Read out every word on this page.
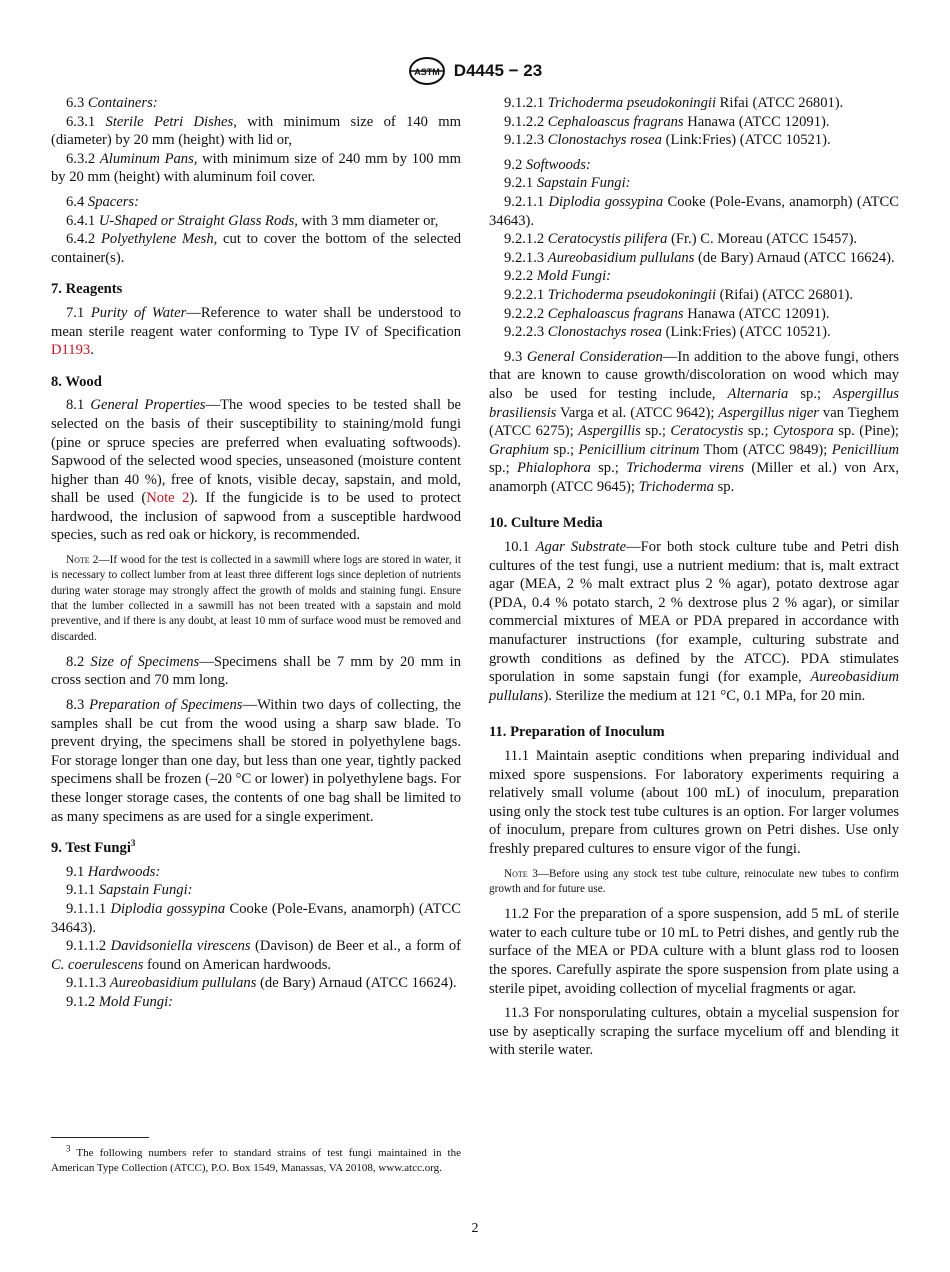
ASTM D4445 − 23

6.3 Containers:

6.3.1 Sterile Petri Dishes, with minimum size of 140 mm (diameter) by 20 mm (height) with lid or,

6.3.2 Aluminum Pans, with minimum size of 240 mm by 100 mm by 20 mm (height) with aluminum foil cover.

6.4 Spacers:

6.4.1 U-Shaped or Straight Glass Rods, with 3 mm diameter or,

6.4.2 Polyethylene Mesh, cut to cover the bottom of the selected container(s).

7. Reagents

7.1 Purity of Water—Reference to water shall be understood to mean sterile reagent water conforming to Type IV of Specification D1193.

8. Wood

8.1 General Properties—The wood species to be tested shall be selected on the basis of their susceptibility to staining/mold fungi (pine or spruce species are preferred when evaluating softwoods). Sapwood of the selected wood species, unseasoned (moisture content higher than 40 %), free of knots, visible decay, sapstain, and mold, shall be used (Note 2). If the fungicide is to be used to protect hardwood, the inclusion of sapwood from a susceptible hardwood species, such as red oak or hickory, is recommended.

Note 2—If wood for the test is collected in a sawmill where logs are stored in water, it is necessary to collect lumber from at least three different logs since depletion of nutrients during water storage may strongly affect the growth of molds and staining fungi. Ensure that the lumber collected in a sawmill has not been treated with a sapstain and mold preventive, and if there is any doubt, at least 10 mm of surface wood must be removed and discarded.

8.2 Size of Specimens—Specimens shall be 7 mm by 20 mm in cross section and 70 mm long.

8.3 Preparation of Specimens—Within two days of collecting, the samples shall be cut from the wood using a sharp saw blade. To prevent drying, the specimens shall be stored in polyethylene bags. For storage longer than one day, but less than one year, tightly packed specimens shall be frozen (–20 °C or lower) in polyethylene bags. For these longer storage cases, the contents of one bag shall be limited to as many specimens as are used for a single experiment.

9. Test Fungi$^3$

9.1 Hardwoods:

9.1.1 Sapstain Fungi:

9.1.1.1 Diplodia gossypina Cooke (Pole-Evans, anamorph) (ATCC 34643).

9.1.1.2 Davidsoniella virescens (Davison) de Beer et al., a form of C. coerulescens found on American hardwoods.

9.1.1.3 Aureobasidium pullulans (de Bary) Arnaud (ATCC 16624).

9.1.2 Mold Fungi:

$^3$ The following numbers refer to standard strains of test fungi maintained in the American Type Collection (ATCC), P.O. Box 1549, Manassas, VA 20108, www.atcc.org.

9.1.2.1 Trichoderma pseudokoningii Rifai (ATCC 26801).

9.1.2.2 Cephaloascus fragrans Hanawa (ATCC 12091).

9.1.2.3 Clonostachys rosea (Link:Fries) (ATCC 10521).

9.2 Softwoods:

9.2.1 Sapstain Fungi:

9.2.1.1 Diplodia gossypina Cooke (Pole-Evans, anamorph) (ATCC 34643).

9.2.1.2 Ceratocystis pilifera (Fr.) C. Moreau (ATCC 15457).

9.2.1.3 Aureobasidium pullulans (de Bary) Arnaud (ATCC 16624).

9.2.2 Mold Fungi:

9.2.2.1 Trichoderma pseudokoningii (Rifai) (ATCC 26801).

9.2.2.2 Cephaloascus fragrans Hanawa (ATCC 12091).

9.2.2.3 Clonostachys rosea (Link:Fries) (ATCC 10521).

9.3 General Consideration—In addition to the above fungi, others that are known to cause growth/discoloration on wood which may also be used for testing include, Alternaria sp.; Aspergillus brasiliensis Varga et al. (ATCC 9642); Aspergillus niger van Tieghem (ATCC 6275); Aspergillis sp.; Ceratocystis sp.; Cytospora sp. (Pine); Graphium sp.; Penicillium citrinum Thom (ATCC 9849); Penicillium sp.; Phialophora sp.; Trichoderma virens (Miller et al.) von Arx, anamorph (ATCC 9645); Trichoderma sp.

10. Culture Media

10.1 Agar Substrate—For both stock culture tube and Petri dish cultures of the test fungi, use a nutrient medium: that is, malt extract agar (MEA, 2 % malt extract plus 2 % agar), potato dextrose agar (PDA, 0.4 % potato starch, 2 % dextrose plus 2 % agar), or similar commercial mixtures of MEA or PDA prepared in accordance with manufacturer instructions (for example, culturing substrate and growth conditions as defined by the ATCC). PDA stimulates sporulation in some sapstain fungi (for example, Aureobasidium pullulans). Sterilize the medium at 121 °C, 0.1 MPa, for 20 min.

11. Preparation of Inoculum

11.1 Maintain aseptic conditions when preparing individual and mixed spore suspensions. For laboratory experiments requiring a relatively small volume (about 100 mL) of inoculum, preparation using only the stock test tube cultures is an option. For larger volumes of inoculum, prepare from cultures grown on Petri dishes. Use only freshly prepared cultures to ensure vigor of the fungi.

Note 3—Before using any stock test tube culture, reinoculate new tubes to confirm growth and for future use.

11.2 For the preparation of a spore suspension, add 5 mL of sterile water to each culture tube or 10 mL to Petri dishes, and gently rub the surface of the MEA or PDA culture with a blunt glass rod to loosen the spores. Carefully aspirate the spore suspension from plate using a sterile pipet, avoiding collection of mycelial fragments or agar.

11.3 For nonsporulating cultures, obtain a mycelial suspension for use by aseptically scraping the surface mycelium off and blending it with sterile water.

2
